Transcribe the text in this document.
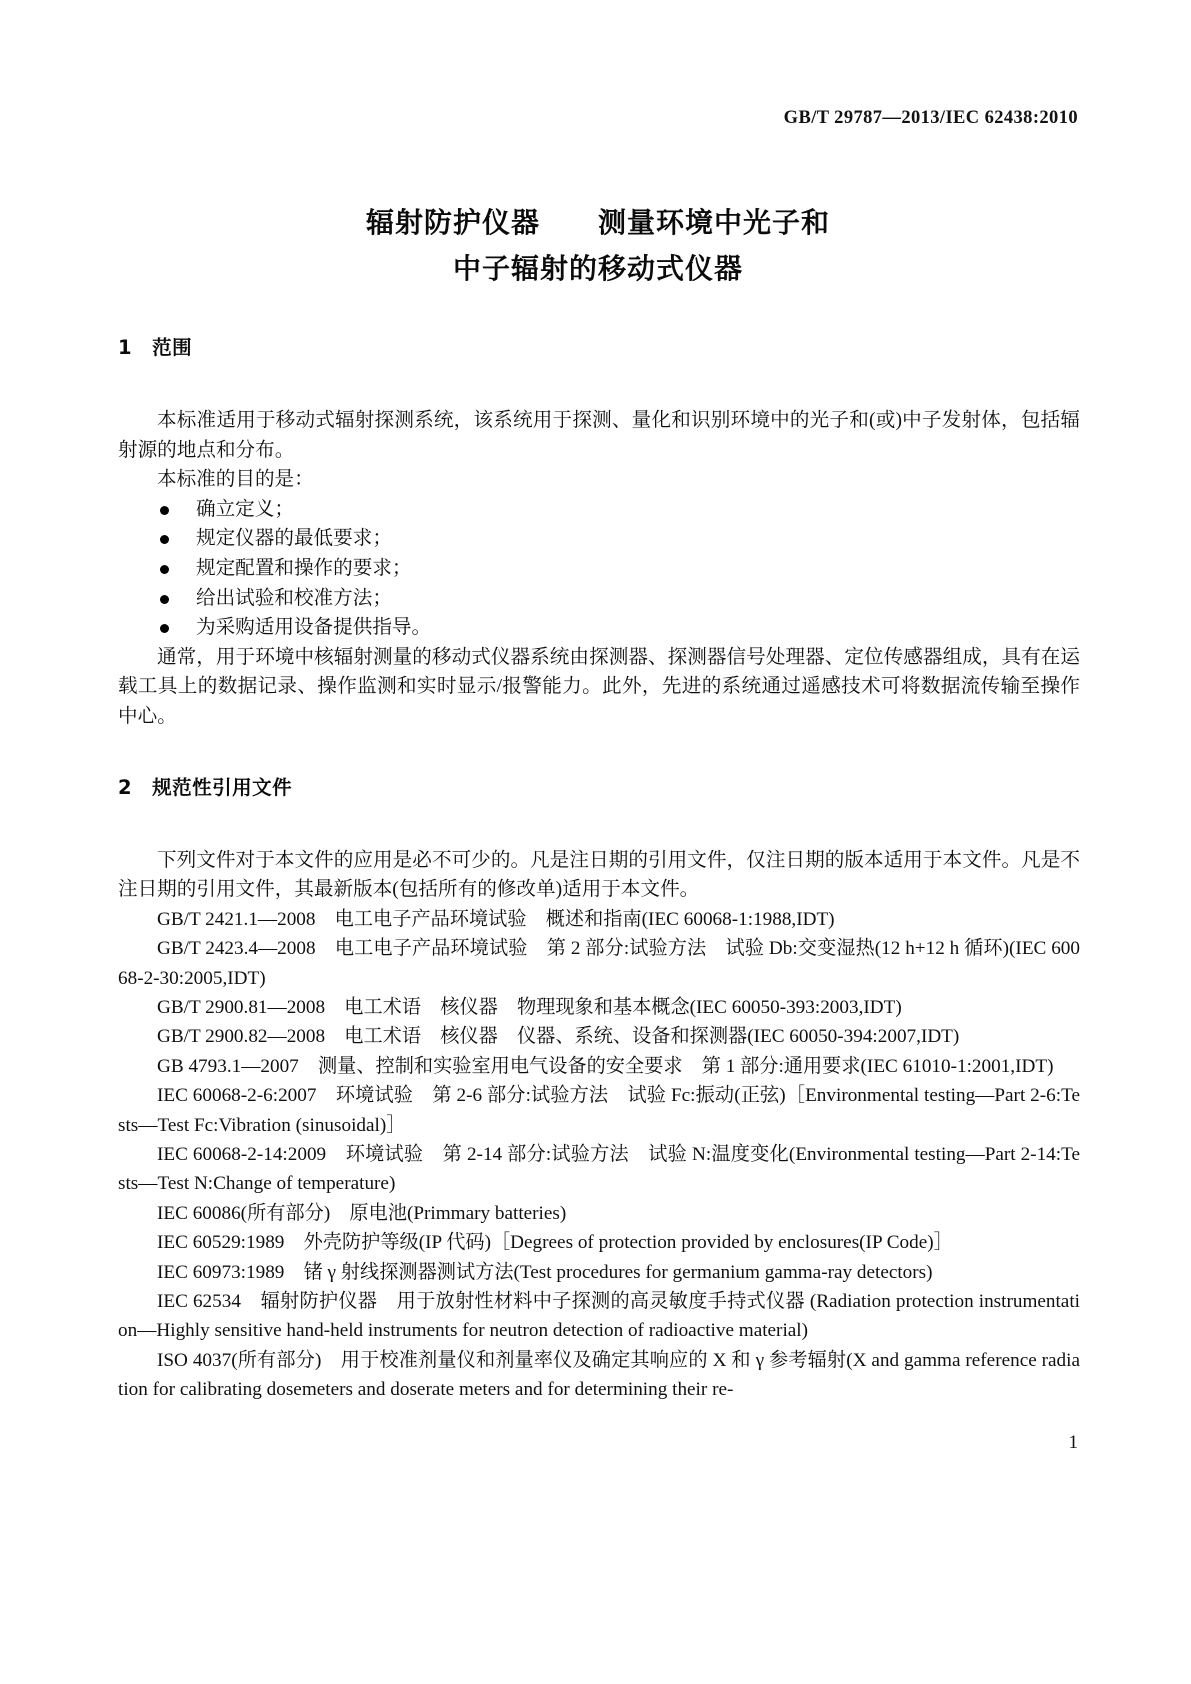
GB/T 29787—2013/IEC 62438:2010
辐射防护仪器　　测量环境中光子和
中子辐射的移动式仪器
1　范围

本标准适用于移动式辐射探测系统，该系统用于探测、量化和识别环境中的光子和(或)中子发射体，包括辐射源的地点和分布。

本标准的目的是：

确立定义；
规定仪器的最低要求；
规定配置和操作的要求；
给出试验和校准方法；
为采购适用设备提供指导。

通常，用于环境中核辐射测量的移动式仪器系统由探测器、探测器信号处理器、定位传感器组成，具有在运载工具上的数据记录、操作监测和实时显示/报警能力。此外，先进的系统通过遥感技术可将数据流传输至操作中心。

2　规范性引用文件

下列文件对于本文件的应用是必不可少的。凡是注日期的引用文件，仅注日期的版本适用于本文件。凡是不注日期的引用文件，其最新版本(包括所有的修改单)适用于本文件。

GB/T 2421.1—2008　电工电子产品环境试验　概述和指南(IEC 60068-1:1988,IDT)

GB/T 2423.4—2008　电工电子产品环境试验　第 2 部分:试验方法　试验 Db:交变湿热(12 h+12 h 循环)(IEC 60068-2-30:2005,IDT)

GB/T 2900.81—2008　电工术语　核仪器　物理现象和基本概念(IEC 60050-393:2003,IDT)

GB/T 2900.82—2008　电工术语　核仪器　仪器、系统、设备和探测器(IEC 60050-394:2007,IDT)

GB 4793.1—2007　测量、控制和实验室用电气设备的安全要求　第 1 部分:通用要求(IEC 61010-1:2001,IDT)

IEC 60068-2-6:2007　环境试验　第 2-6 部分:试验方法　试验 Fc:振动(正弦)［Environmental testing—Part 2-6:Tests—Test Fc:Vibration (sinusoidal)］

IEC 60068-2-14:2009　环境试验　第 2-14 部分:试验方法　试验 N:温度变化(Environmental testing—Part 2-14:Tests—Test N:Change of temperature)

IEC 60086(所有部分)　原电池(Primmary batteries)

IEC 60529:1989　外壳防护等级(IP 代码)［Degrees of protection provided by enclosures(IP Code)］

IEC 60973:1989　锗 γ 射线探测器测试方法(Test procedures for germanium gamma-ray detectors)

IEC 62534　辐射防护仪器　用于放射性材料中子探测的高灵敏度手持式仪器 (Radiation protection instrumentation—Highly sensitive hand-held instruments for neutron detection of radioactive material)

ISO 4037(所有部分)　用于校准剂量仪和剂量率仪及确定其响应的 X 和 γ 参考辐射(X and gamma reference radiation for calibrating dosemeters and doserate meters and for determining their re-

1
